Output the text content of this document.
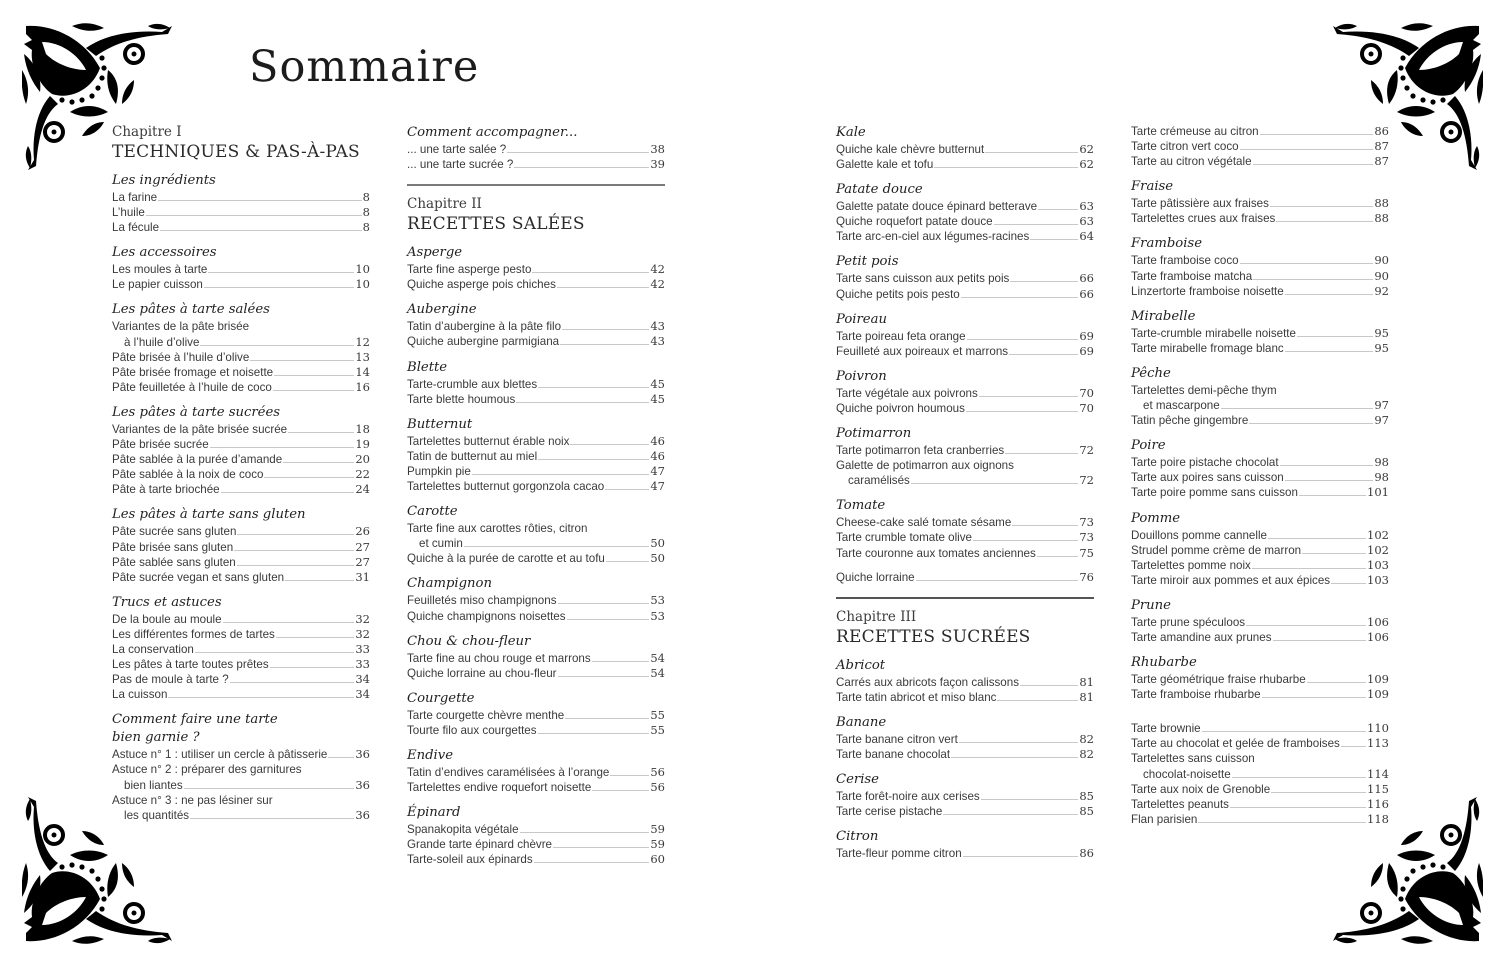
Sommaire
Chapitre I
TECHNIQUES & PAS-À-PAS
Les ingrédients
La farine	8
L’huile	8
La fécule	8
Les accessoires
Les moules à tarte	10
Le papier cuisson	10
Les pâtes à tarte salées
Variantes de la pâte brisée
à l’huile d’olive	12
Pâte brisée à l’huile d’olive	13
Pâte brisée fromage et noisette	14
Pâte feuilletée à l’huile de coco	16
Les pâtes à tarte sucrées
Variantes de la pâte brisée sucrée	18
Pâte brisée sucrée	19
Pâte sablée à la purée d’amande	20
Pâte sablée à la noix de coco	22
Pâte à tarte briochée	24
Les pâtes à tarte sans gluten
Pâte sucrée sans gluten	26
Pâte brisée sans gluten	27
Pâte sablée sans gluten	27
Pâte sucrée vegan et sans gluten	31
Trucs et astuces
De la boule au moule	32
Les différentes formes de tartes	32
La conservation	33
Les pâtes à tarte toutes prêtes	33
Pas de moule à tarte ?	34
La cuisson	34
Comment faire une tarte
bien garnie ?
Astuce n° 1 : utiliser un cercle à pâtisserie 36
Astuce n° 2 : préparer des garnitures
bien liantes	36
Astuce n° 3 : ne pas lésiner sur
les quantités	36
Comment accompagner...
... une tarte salée ?	38
... une tarte sucrée ?	39
Chapitre II
RECETTES SALÉES
Asperge
Tarte fine asperge pesto	42
Quiche asperge pois chiches	42
Aubergine
Tatin d’aubergine à la pâte filo	43
Quiche aubergine parmigiana	43
Blette
Tarte-crumble aux blettes	45
Tarte blette houmous	45
Butternut
Tartelettes butternut érable noix	46
Tatin de butternut au miel	46
Pumpkin pie	47
Tartelettes butternut gorgonzola cacao	47
Carotte
Tarte fine aux carottes rôties, citron
et cumin	50
Quiche à la purée de carotte et au tofu	50
Champignon
Feuilletés miso champignons	53
Quiche champignons noisettes	53
Chou & chou-fleur
Tarte fine au chou rouge et marrons	54
Quiche lorraine au chou-fleur	54
Courgette
Tarte courgette chèvre menthe	55
Tourte filo aux courgettes	55
Endive
Tatin d’endives caramélisées à l’orange	56
Tartelettes endive roquefort noisette	56
Épinard
Spanakopita végétale	59
Grande tarte épinard chèvre	59
Tarte-soleil aux épinards	60
Kale
Quiche kale chèvre butternut	62
Galette kale et tofu	62
Patate douce
Galette patate douce épinard betterave	63
Quiche roquefort patate douce	63
Tarte arc-en-ciel aux légumes-racines	64
Petit pois
Tarte sans cuisson aux petits pois	66
Quiche petits pois pesto	66
Poireau
Tarte poireau feta orange	69
Feuilleté aux poireaux et marrons	69
Poivron
Tarte végétale aux poivrons	70
Quiche poivron houmous	70
Potimarron
Tarte potimarron feta cranberries	72
Galette de potimarron aux oignons
caramélisés	72
Tomate
Cheese-cake salé tomate sésame	73
Tarte crumble tomate olive	73
Tarte couronne aux tomates anciennes	75
Quiche lorraine	76
Chapitre III
RECETTES SUCRÉES
Abricot
Carrés aux abricots façon calissons	81
Tarte tatin abricot et miso blanc	81
Banane
Tarte banane citron vert	82
Tarte banane chocolat	82
Cerise
Tarte forêt-noire aux cerises	85
Tarte cerise pistache	85
Citron
Tarte-fleur pomme citron	86
Tarte crémeuse au citron	86
Tarte citron vert coco	87
Tarte au citron végétale	87
Fraise
Tarte pâtissière aux fraises	88
Tartelettes crues aux fraises	88
Framboise
Tarte framboise coco	90
Tarte framboise matcha	90
Linzertorte framboise noisette	92
Mirabelle
Tarte-crumble mirabelle noisette	95
Tarte mirabelle fromage blanc	95
Pêche
Tartelettes demi-pêche thym
et mascarpone	97
Tatin pêche gingembre	97
Poire
Tarte poire pistache chocolat	98
Tarte aux poires sans cuisson	98
Tarte poire pomme sans cuisson	101
Pomme
Douillons pomme cannelle	102
Strudel pomme crème de marron	102
Tartelettes pomme noix	103
Tarte miroir aux pommes et aux épices	103
Prune
Tarte prune spéculoos	106
Tarte amandine aux prunes	106
Rhubarbe
Tarte géométrique fraise rhubarbe	109
Tarte framboise rhubarbe	109
Tarte brownie	110
Tarte au chocolat et gelée de framboises 113
Tartelettes sans cuisson
chocolat-noisette	114
Tarte aux noix de Grenoble	115
Tartelettes peanuts	116
Flan parisien	118
